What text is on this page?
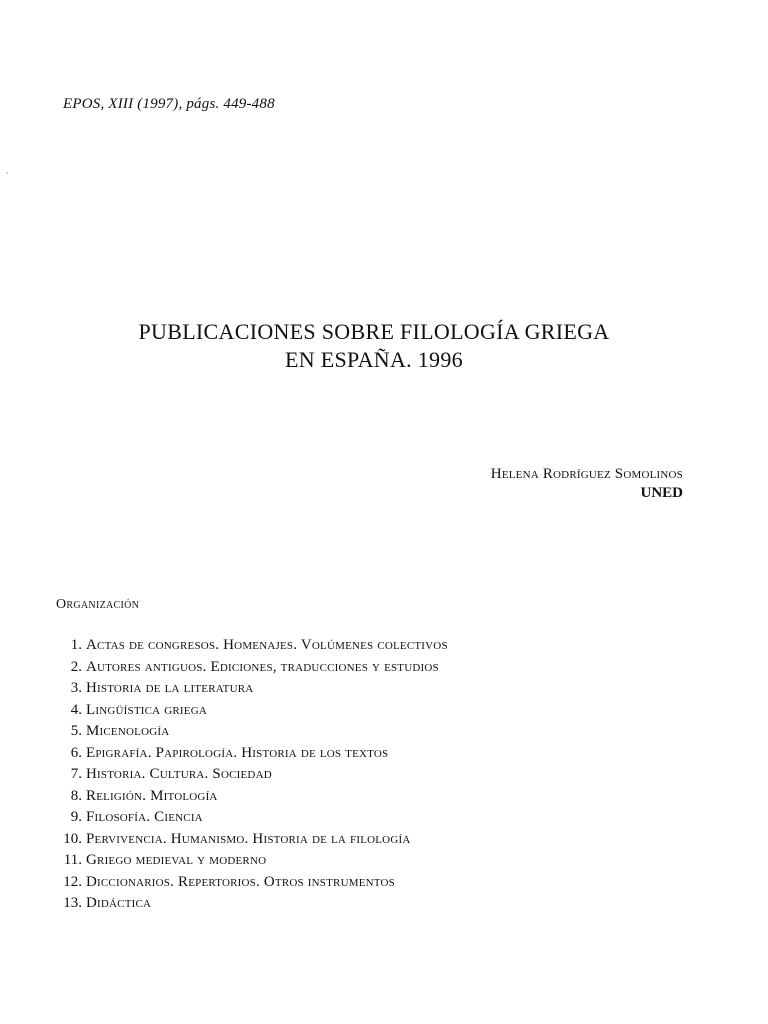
EPOS, XIII (1997), págs. 449-488
PUBLICACIONES SOBRE FILOLOGÍA GRIEGA
EN ESPAÑA. 1996
Helena Rodríguez Somolinos
UNED
Organización
1. Actas de congresos. Homenajes. Volúmenes colectivos
2. Autores antiguos. Ediciones, traducciones y estudios
3. Historia de la literatura
4. Lingüística griega
5. Micenología
6. Epigrafía. Papirología. Historia de los textos
7. Historia. Cultura. Sociedad
8. Religión. Mitología
9. Filosofía. Ciencia
10. Pervivencia. Humanismo. Historia de la filología
11. Griego medieval y moderno
12. Diccionarios. Repertorios. Otros instrumentos
13. Didáctica
